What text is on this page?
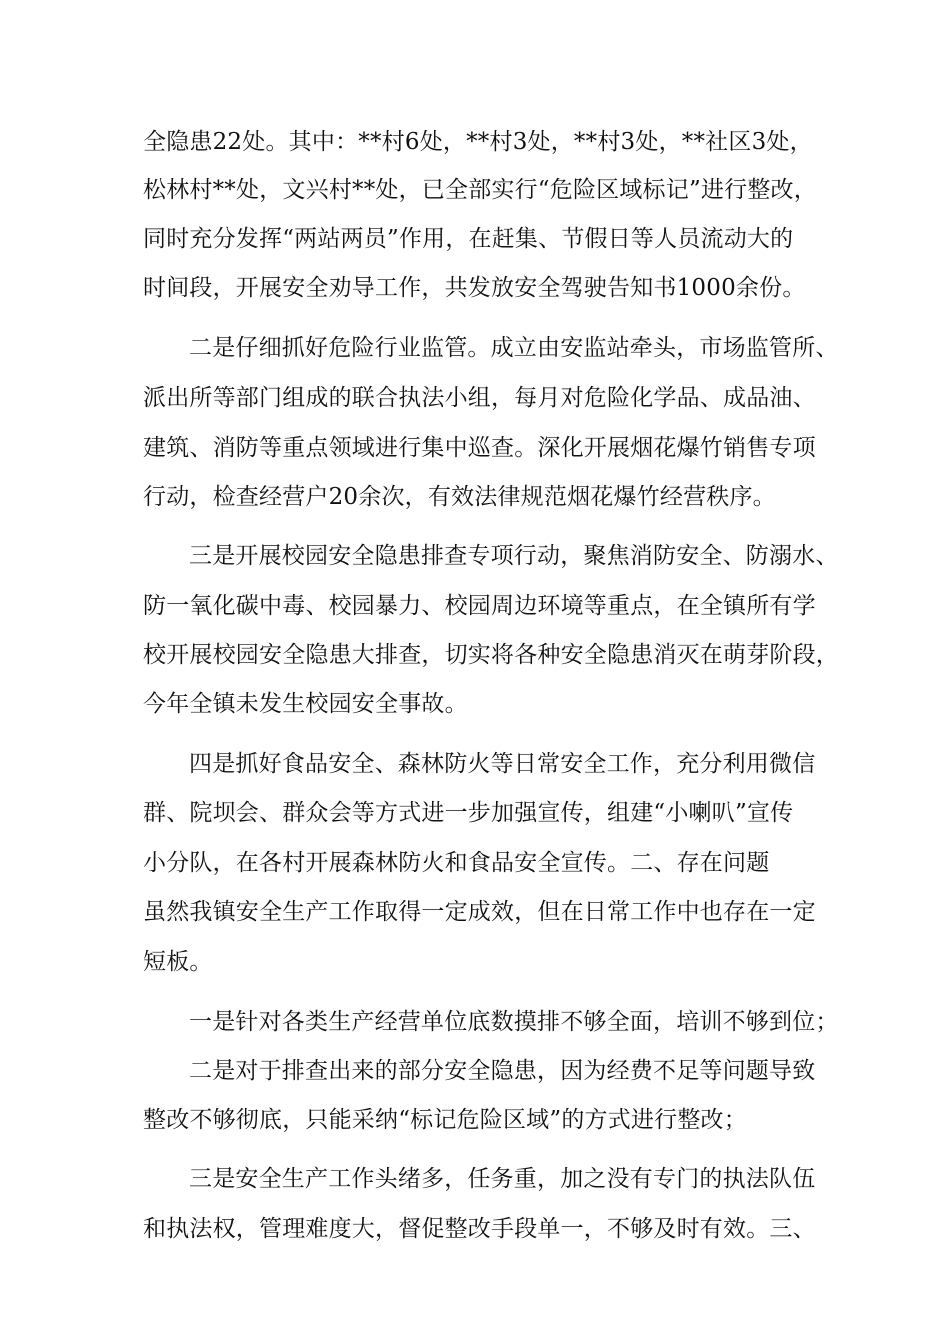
全隐患22处。其中：**村6处，**村3处，**村3处，**社区3处，
松林村**处，文兴村**处，已全部实行“危险区域标记”进行整改，
同时充分发挥“两站两员”作用，在赶集、节假日等人员流动大的
时间段，开展安全劝导工作，共发放安全驾驶告知书1000余份。
二是仔细抓好危险行业监管。成立由安监站牵头，市场监管所、
派出所等部门组成的联合执法小组，每月对危险化学品、成品油、
建筑、消防等重点领域进行集中巡查。深化开展烟花爆竹销售专项
行动，检查经营户20余次，有效法律规范烟花爆竹经营秩序。
三是开展校园安全隐患排查专项行动，聚焦消防安全、防溺水、
防一氧化碳中毒、校园暴力、校园周边环境等重点，在全镇所有学
校开展校园安全隐患大排查，切实将各种安全隐患消灭在萌芽阶段，
今年全镇未发生校园安全事故。
四是抓好食品安全、森林防火等日常安全工作，充分利用微信
群、院坝会、群众会等方式进一步加强宣传，组建“小喇叭”宣传
小分队，在各村开展森林防火和食品安全宣传。二、存在问题
虽然我镇安全生产工作取得一定成效，但在日常工作中也存在一定
短板。
一是针对各类生产经营单位底数摸排不够全面，培训不够到位；
二是对于排查出来的部分安全隐患，因为经费不足等问题导致
整改不够彻底，只能采纳“标记危险区域”的方式进行整改；
三是安全生产工作头绪多，任务重，加之没有专门的执法队伍
和执法权，管理难度大，督促整改手段单一，不够及时有效。三、
